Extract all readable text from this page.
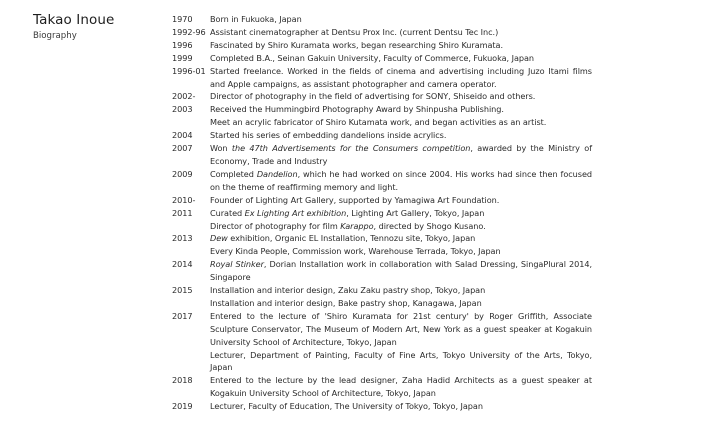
Takao Inoue
Biography
1970	Born in Fukuoka, Japan
1992-96 Assistant cinematographer at Dentsu Prox Inc. (current Dentsu Tec Inc.)
1996	Fascinated by Shiro Kuramata works, began researching Shiro Kuramata.
1999	Completed B.A., Seinan Gakuin University, Faculty of Commerce, Fukuoka, Japan
1996-01 Started freelance. Worked in the fields of cinema and advertising including Juzo Itami films and Apple campaigns, as assistant photographer and camera operator.
2002-	Director of photography in the field of advertising for SONY, Shiseido and others.
2003	Received the Hummingbird Photography Award by Shinpusha Publishing.
Meet an acrylic fabricator of Shiro Kutamata work, and began activities as an artist.
2004	Started his series of embedding dandelions inside acrylics.
2007	Won the 47th Advertisements for the Consumers competition, awarded by the Ministry of Economy, Trade and Industry
2009	Completed Dandelion, which he had worked on since 2004. His works had since then focused on the theme of reaffirming memory and light.
2010-	Founder of Lighting Art Gallery, supported by Yamagiwa Art Foundation.
2011	Curated Ex Lighting Art exhibition, Lighting Art Gallery, Tokyo, Japan
Director of photography for film Karappo, directed by Shogo Kusano.
2013	Dew exhibition, Organic EL Installation, Tennozu site, Tokyo, Japan
Every Kinda People, Commission work, Warehouse Terrada, Tokyo, Japan
2014	Royal Stinker, Dorian Installation work in collaboration with Salad Dressing, SingaPlural 2014, Singapore
2015	Installation and interior design, Zaku Zaku pastry shop, Tokyo, Japan
Installation and interior design, Bake pastry shop, Kanagawa, Japan
2017	Entered to the lecture of 'Shiro Kuramata for 21st century' by Roger Griffith, Associate Sculpture Conservator, The Museum of Modern Art, New York as a guest speaker at Kogakuin University School of Architecture, Tokyo, Japan
Lecturer, Department of Painting, Faculty of Fine Arts, Tokyo University of the Arts, Tokyo, Japan
2018	Entered to the lecture by the lead designer, Zaha Hadid Architects as a guest speaker at Kogakuin University School of Architecture, Tokyo, Japan
2019	Lecturer, Faculty of Education, The University of Tokyo, Tokyo, Japan
